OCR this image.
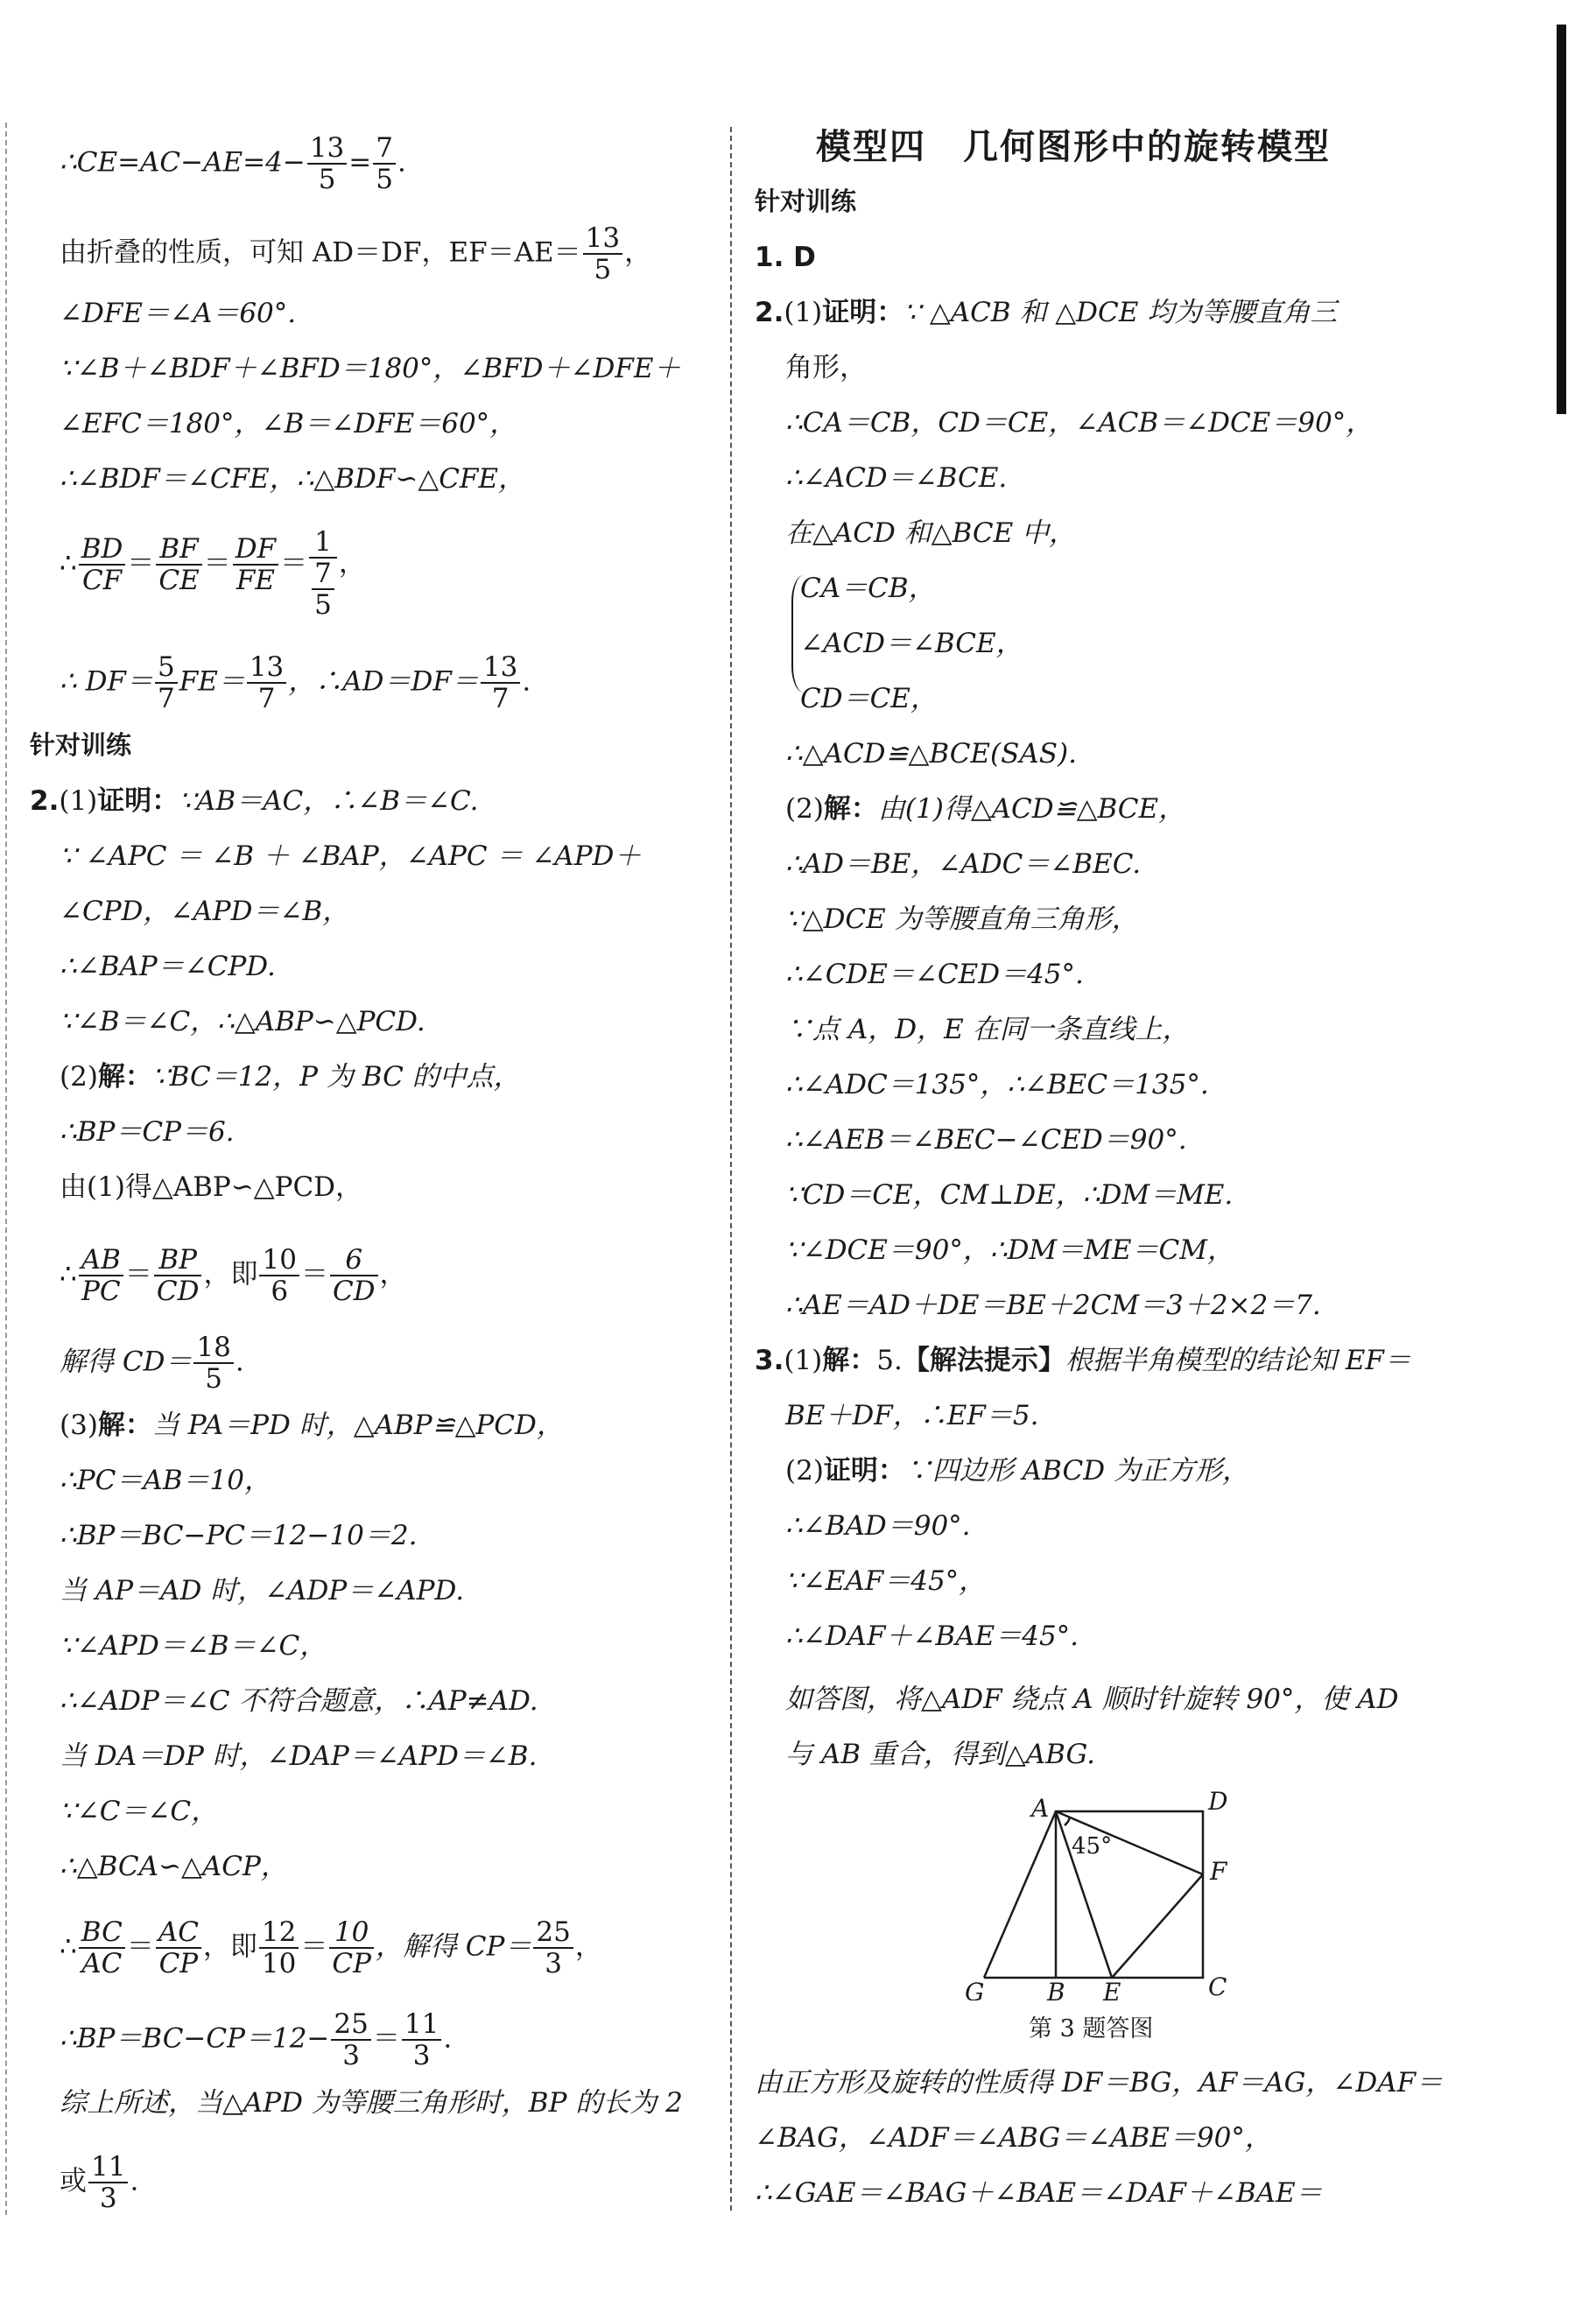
∴CE=AC−AE=4− $\frac{13}{5} = \frac{7}{5}$ .
由折叠的性质，可知 AD＝DF，$EF=AE= \frac{13}{5}$ ，
∠DFE＝∠A＝60°.
∵∠B＋∠BDF＋∠BFD＝180°，∠BFD＋∠DFE＋
∠EFC＝180°，∠B＝∠DFE＝60°，
∴∠BDF＝∠CFE，∴△BDF∽△CFE，
∴ $\frac{BD}{CF} = \frac{BF}{CE} = \frac{DF}{FE} = \frac{1}{\frac{7}{5}}$ ，
∴ $DF= \frac{5}{7} FE= \frac{13}{7}$ ，∴AD＝DF＝ $\frac{13}{7}$ .
针对训练
2.(1)证明：∵AB＝AC，∴∠B＝∠C.
∵ ∠APC ＝ ∠B ＋ ∠BAP，∠APC ＝ ∠APD＋
∠CPD，∠APD＝∠B，
∴∠BAP＝∠CPD.
∵∠B＝∠C，∴△ABP∽△PCD.
(2)解：∵BC＝12，P 为 BC 的中点，
∴BP＝CP＝6.
由(1)得△ABP∽△PCD，
∴ $\frac{AB}{PC} = \frac{BP}{CD}$ ，即 $\frac{10}{6} = \frac{6}{CD}$ ，
解得 $CD= \frac{18}{5}$ .
(3)解：当 PA＝PD 时，△ABP≌△PCD，
∴PC＝AB＝10，
∴BP＝BC−PC＝12−10＝2.
当 AP＝AD 时，∠ADP＝∠APD.
∵∠APD＝∠B＝∠C，
∴∠ADP＝∠C 不符合题意，∴AP≠AD.
当 DA＝DP 时，∠DAP＝∠APD＝∠B.
∵∠C＝∠C，
∴△BCA∽△ACP，
∴ $\frac{BC}{AC} = \frac{AC}{CP}$ ，即 $\frac{12}{10} = \frac{10}{CP}$ ，解得 $CP= \frac{25}{3}$ ，
∴BP＝BC−CP＝12− $\frac{25}{3} = \frac{11}{3}$ .
综上所述，当△APD 为等腰三角形时，BP 的长为 2
或 $\frac{11}{3}$ .
模型四　几何图形中的旋转模型
针对训练
1. D
2.(1)证明：∵ △ACB 和 △DCE 均为等腰直角三
角形，
∴CA＝CB，CD＝CE，∠ACB＝∠DCE＝90°，
∴∠ACD＝∠BCE.
在△ACD 和△BCE 中，
CA＝CB，
∠ACD＝∠BCE，
CD＝CE，
∴△ACD≌△BCE(SAS).
(2)解：由(1)得△ACD≌△BCE，
∴AD＝BE，∠ADC＝∠BEC.
∵△DCE 为等腰直角三角形，
∴∠CDE＝∠CED＝45°.
∵点 A，D，E 在同一条直线上，
∴∠ADC＝135°，∴∠BEC＝135°.
∴∠AEB＝∠BEC−∠CED＝90°.
∵CD＝CE，CM⊥DE，∴DM＝ME.
∵∠DCE＝90°，∴DM＝ME＝CM，
∴AE＝AD＋DE＝BE＋2CM＝3＋2×2＝7.
3.(1)解：5.【解法提示】根据半角模型的结论知 EF＝
BE＋DF，∴EF＝5.
(2)证明：∵四边形 ABCD 为正方形，
∴∠BAD＝90°.
∵∠EAF＝45°，
∴∠DAF＋∠BAE＝45°.
如答图，将△ADF 绕点 A 顺时针旋转 90°，使 AD
与 AB 重合，得到△ABG.
A	D
F
C
G	B E
45°
第 3 题答图
由正方形及旋转的性质得 DF＝BG，AF＝AG，∠DAF＝
∠BAG，∠ADF＝∠ABG＝∠ABE＝90°，
∴∠GAE＝∠BAG＋∠BAE＝∠DAF＋∠BAE＝
